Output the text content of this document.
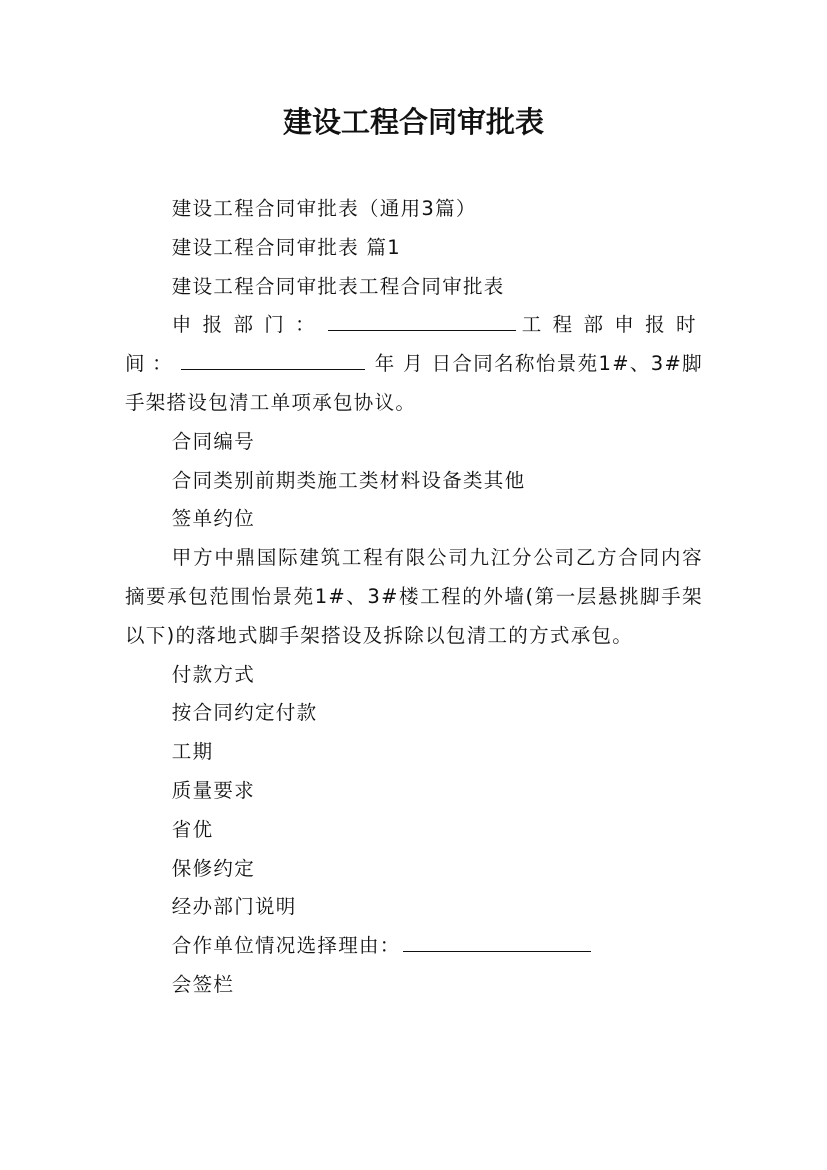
建设工程合同审批表

建设工程合同审批表（通用3篇）

建设工程合同审批表 篇1

建设工程合同审批表工程合同审批表

申报部门：	工程部申报时间：	年 月 日合同名称怡景苑1#、3#脚手架搭设包清工单项承包协议。

合同编号

合同类别前期类施工类材料设备类其他

签单约位

甲方中鼎国际建筑工程有限公司九江分公司乙方合同内容摘要承包范围怡景苑1#、3#楼工程的外墙(第一层悬挑脚手架以下)的落地式脚手架搭设及拆除以包清工的方式承包。

付款方式

按合同约定付款

工期

质量要求

省优

保修约定

经办部门说明

合作单位情况选择理由：

会签栏
